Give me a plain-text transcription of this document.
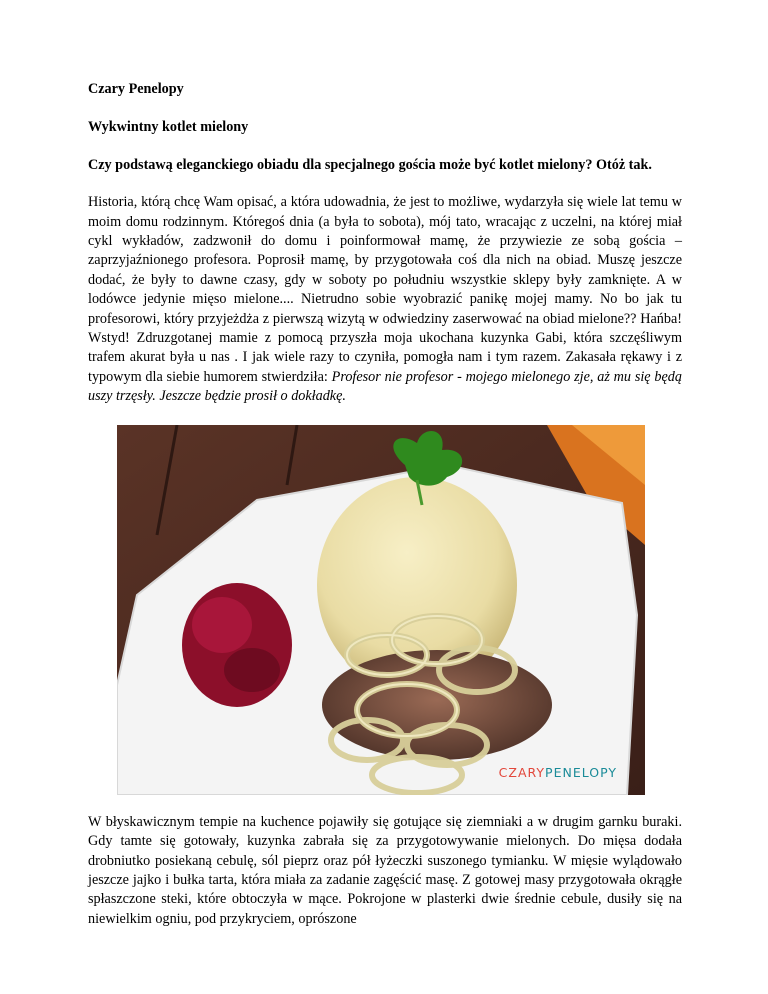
Czary Penelopy

Wykwintny kotlet mielony

Czy podstawą eleganckiego obiadu dla specjalnego gościa może być kotlet mielony? Otóż tak.

Historia, którą chcę Wam opisać, a która udowadnia, że jest to możliwe, wydarzyła się wiele lat temu w moim domu rodzinnym. Któregoś dnia (a była to sobota), mój tato, wracając z uczelni, na której miał cykl wykładów, zadzwonił do domu i poinformował mamę, że przywiezie ze sobą gościa – zaprzyjaźnionego profesora. Poprosił mamę, by przygotowała coś dla nich na obiad. Muszę jeszcze dodać, że były to dawne czasy, gdy w soboty po południu wszystkie sklepy były zamknięte. A w lodówce jedynie mięso mielone.... Nietrudno sobie wyobrazić panikę mojej mamy. No bo jak tu profesorowi, który przyjeżdża z pierwszą wizytą w odwiedziny zaserwować na obiad mielone?? Hańba! Wstyd! Zdruzgotanej mamie z pomocą przyszła moja ukochana kuzynka Gabi, która szczęśliwym trafem akurat była u nas . I jak wiele razy to czyniła, pomogła nam i tym razem. Zakasała rękawy i z typowym dla siebie humorem stwierdziła: Profesor nie profesor - mojego mielonego zje, aż mu się będą uszy trzęsły. Jeszcze będzie prosił o dokładkę.

CZARYPENELOPY

W błyskawicznym tempie na kuchence pojawiły się gotujące się ziemniaki a w drugim garnku buraki. Gdy tamte się gotowały, kuzynka zabrała się za przygotowywanie mielonych. Do mięsa dodała drobniutko posiekaną cebulę, sól pieprz oraz pół łyżeczki suszonego tymianku. W mięsie wylądowało jeszcze jajko i bułka tarta, która miała za zadanie zagęścić masę. Z gotowej masy przygotowała okrągłe spłaszczone steki, które obtoczyła w mące. Pokrojone w plasterki dwie średnie cebule, dusiły się na niewielkim ogniu, pod przykryciem, oprószone
